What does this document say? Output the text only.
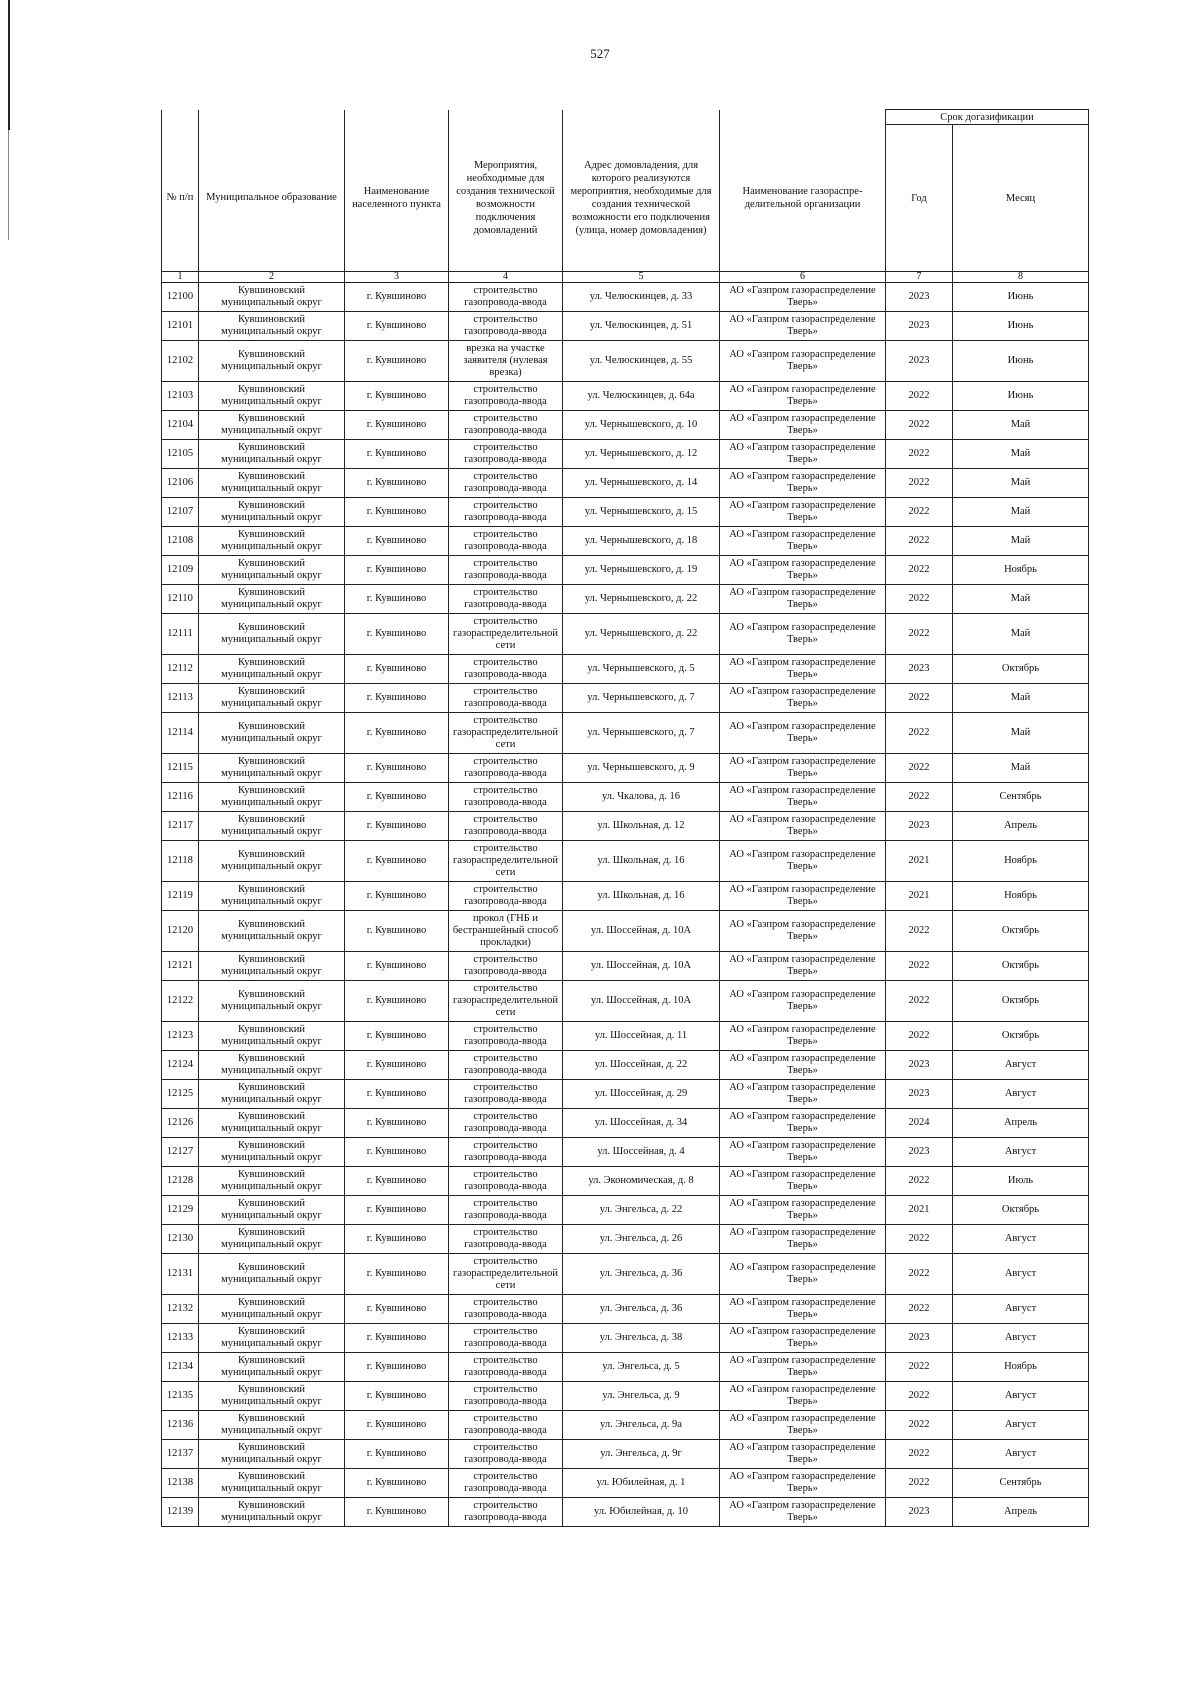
527
						Срок догазификации	
№ п/п	Муниципальное образование	Наименование населенного пункта	Мероприятия, необходимые для создания технической возможности подключения домовладений	Адрес домовладения, для которого реализуются мероприятия, необходимые для создания технической возможности его подключения (улица, номер домовладения)	Наименование газораспре-делительной организации	Год	Месяц
1	2	3	4	5	6	7	8
12100	Кувшиновский муниципальный округ	г. Кувшиново	строительство газопровода-ввода	ул. Челюскинцев, д. 33	АО «Газпром газораспределение Тверь»	2023	Июнь
12101	Кувшиновский муниципальный округ	г. Кувшиново	строительство газопровода-ввода	ул. Челюскинцев, д. 51	АО «Газпром газораспределение Тверь»	2023	Июнь
12102	Кувшиновский муниципальный округ	г. Кувшиново	врезка на участке заявителя (нулевая врезка)	ул. Челюскинцев, д. 55	АО «Газпром газораспределение Тверь»	2023	Июнь
12103	Кувшиновский муниципальный округ	г. Кувшиново	строительство газопровода-ввода	ул. Челюскинцев, д. 64а	АО «Газпром газораспределение Тверь»	2022	Июнь
12104	Кувшиновский муниципальный округ	г. Кувшиново	строительство газопровода-ввода	ул. Чернышевского, д. 10	АО «Газпром газораспределение Тверь»	2022	Май
12105	Кувшиновский муниципальный округ	г. Кувшиново	строительство газопровода-ввода	ул. Чернышевского, д. 12	АО «Газпром газораспределение Тверь»	2022	Май
12106	Кувшиновский муниципальный округ	г. Кувшиново	строительство газопровода-ввода	ул. Чернышевского, д. 14	АО «Газпром газораспределение Тверь»	2022	Май
12107	Кувшиновский муниципальный округ	г. Кувшиново	строительство газопровода-ввода	ул. Чернышевского, д. 15	АО «Газпром газораспределение Тверь»	2022	Май
12108	Кувшиновский муниципальный округ	г. Кувшиново	строительство газопровода-ввода	ул. Чернышевского, д. 18	АО «Газпром газораспределение Тверь»	2022	Май
12109	Кувшиновский муниципальный округ	г. Кувшиново	строительство газопровода-ввода	ул. Чернышевского, д. 19	АО «Газпром газораспределение Тверь»	2022	Ноябрь
12110	Кувшиновский муниципальный округ	г. Кувшиново	строительство газопровода-ввода	ул. Чернышевского, д. 22	АО «Газпром газораспределение Тверь»	2022	Май
12111	Кувшиновский муниципальный округ	г. Кувшиново	строительство газораспределительной сети	ул. Чернышевского, д. 22	АО «Газпром газораспределение Тверь»	2022	Май
12112	Кувшиновский муниципальный округ	г. Кувшиново	строительство газопровода-ввода	ул. Чернышевского, д. 5	АО «Газпром газораспределение Тверь»	2023	Октябрь
12113	Кувшиновский муниципальный округ	г. Кувшиново	строительство газопровода-ввода	ул. Чернышевского, д. 7	АО «Газпром газораспределение Тверь»	2022	Май
12114	Кувшиновский муниципальный округ	г. Кувшиново	строительство газораспределительной сети	ул. Чернышевского, д. 7	АО «Газпром газораспределение Тверь»	2022	Май
12115	Кувшиновский муниципальный округ	г. Кувшиново	строительство газопровода-ввода	ул. Чернышевского, д. 9	АО «Газпром газораспределение Тверь»	2022	Май
12116	Кувшиновский муниципальный округ	г. Кувшиново	строительство газопровода-ввода	ул. Чкалова, д. 16	АО «Газпром газораспределение Тверь»	2022	Сентябрь
12117	Кувшиновский муниципальный округ	г. Кувшиново	строительство газопровода-ввода	ул. Школьная, д. 12	АО «Газпром газораспределение Тверь»	2023	Апрель
12118	Кувшиновский муниципальный округ	г. Кувшиново	строительство газораспределительной сети	ул. Школьная, д. 16	АО «Газпром газораспределение Тверь»	2021	Ноябрь
12119	Кувшиновский муниципальный округ	г. Кувшиново	строительство газопровода-ввода	ул. Школьная, д. 16	АО «Газпром газораспределение Тверь»	2021	Ноябрь
12120	Кувшиновский муниципальный округ	г. Кувшиново	прокол (ГНБ и бестраншейный способ прокладки)	ул. Шоссейная, д. 10А	АО «Газпром газораспределение Тверь»	2022	Октябрь
12121	Кувшиновский муниципальный округ	г. Кувшиново	строительство газопровода-ввода	ул. Шоссейная, д. 10А	АО «Газпром газораспределение Тверь»	2022	Октябрь
12122	Кувшиновский муниципальный округ	г. Кувшиново	строительство газораспределительной сети	ул. Шоссейная, д. 10А	АО «Газпром газораспределение Тверь»	2022	Октябрь
12123	Кувшиновский муниципальный округ	г. Кувшиново	строительство газопровода-ввода	ул. Шоссейная, д. 11	АО «Газпром газораспределение Тверь»	2022	Октябрь
12124	Кувшиновский муниципальный округ	г. Кувшиново	строительство газопровода-ввода	ул. Шоссейная, д. 22	АО «Газпром газораспределение Тверь»	2023	Август
12125	Кувшиновский муниципальный округ	г. Кувшиново	строительство газопровода-ввода	ул. Шоссейная, д. 29	АО «Газпром газораспределение Тверь»	2023	Август
12126	Кувшиновский муниципальный округ	г. Кувшиново	строительство газопровода-ввода	ул. Шоссейная, д. 34	АО «Газпром газораспределение Тверь»	2024	Апрель
12127	Кувшиновский муниципальный округ	г. Кувшиново	строительство газопровода-ввода	ул. Шоссейная, д. 4	АО «Газпром газораспределение Тверь»	2023	Август
12128	Кувшиновский муниципальный округ	г. Кувшиново	строительство газопровода-ввода	ул. Экономическая, д. 8	АО «Газпром газораспределение Тверь»	2022	Июль
12129	Кувшиновский муниципальный округ	г. Кувшиново	строительство газопровода-ввода	ул. Энгельса, д. 22	АО «Газпром газораспределение Тверь»	2021	Октябрь
12130	Кувшиновский муниципальный округ	г. Кувшиново	строительство газопровода-ввода	ул. Энгельса, д. 26	АО «Газпром газораспределение Тверь»	2022	Август
12131	Кувшиновский муниципальный округ	г. Кувшиново	строительство газораспределительной сети	ул. Энгельса, д. 36	АО «Газпром газораспределение Тверь»	2022	Август
12132	Кувшиновский муниципальный округ	г. Кувшиново	строительство газопровода-ввода	ул. Энгельса, д. 36	АО «Газпром газораспределение Тверь»	2022	Август
12133	Кувшиновский муниципальный округ	г. Кувшиново	строительство газопровода-ввода	ул. Энгельса, д. 38	АО «Газпром газораспределение Тверь»	2023	Август
12134	Кувшиновский муниципальный округ	г. Кувшиново	строительство газопровода-ввода	ул. Энгельса, д. 5	АО «Газпром газораспределение Тверь»	2022	Ноябрь
12135	Кувшиновский муниципальный округ	г. Кувшиново	строительство газопровода-ввода	ул. Энгельса, д. 9	АО «Газпром газораспределение Тверь»	2022	Август
12136	Кувшиновский муниципальный округ	г. Кувшиново	строительство газопровода-ввода	ул. Энгельса, д. 9а	АО «Газпром газораспределение Тверь»	2022	Август
12137	Кувшиновский муниципальный округ	г. Кувшиново	строительство газопровода-ввода	ул. Энгельса, д. 9г	АО «Газпром газораспределение Тверь»	2022	Август
12138	Кувшиновский муниципальный округ	г. Кувшиново	строительство газопровода-ввода	ул. Юбилейная, д. 1	АО «Газпром газораспределение Тверь»	2022	Сентябрь
12139	Кувшиновский муниципальный округ	г. Кувшиново	строительство газопровода-ввода	ул. Юбилейная, д. 10	АО «Газпром газораспределение Тверь»	2023	Апрель
